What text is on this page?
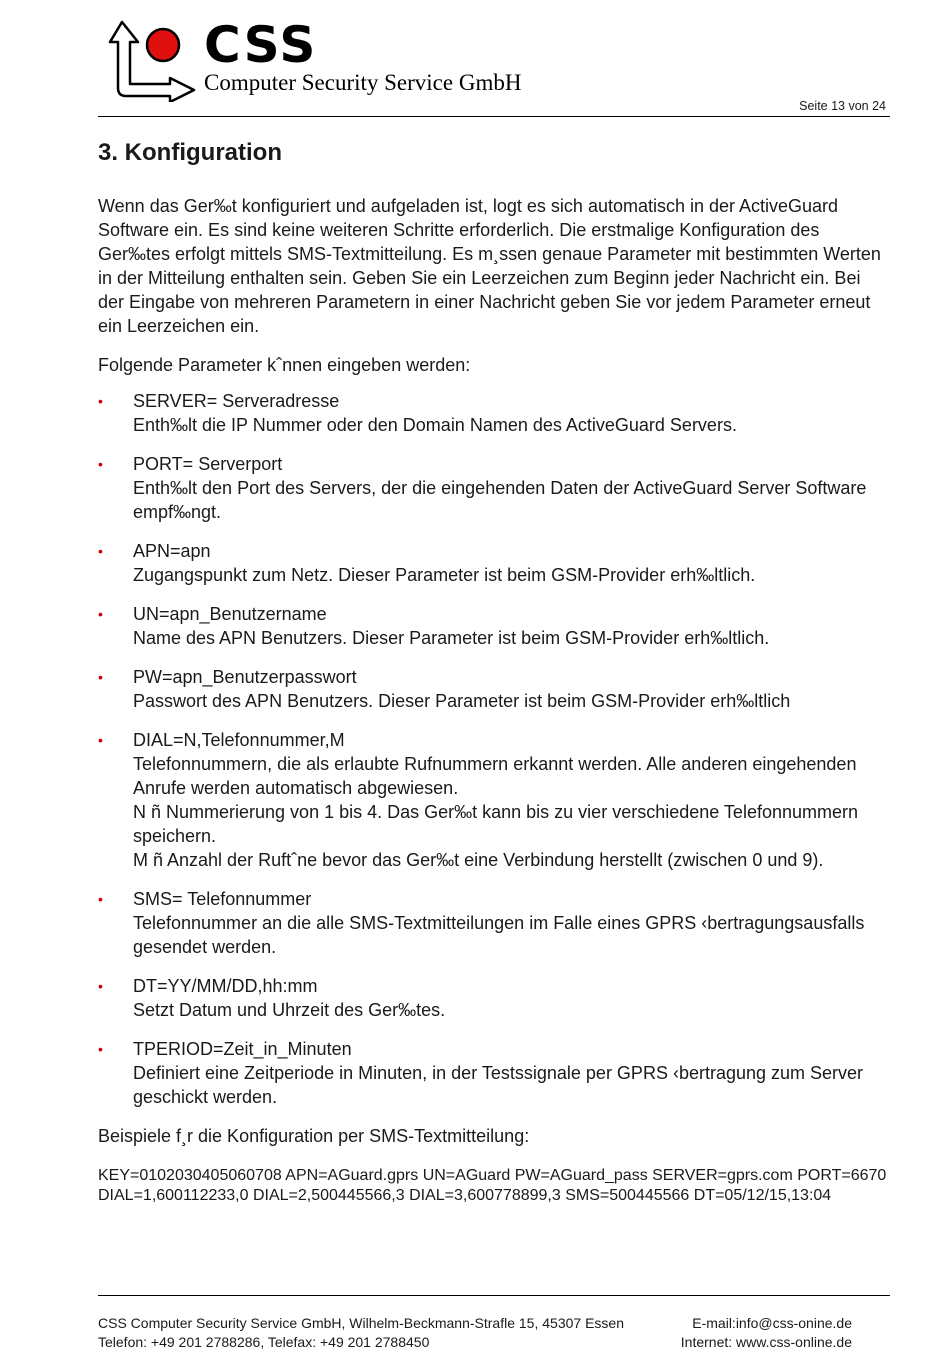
CSS
Computer Security Service GmbH
Seite 13 von 24
3. Konfiguration

Wenn das Ger‰t konfiguriert und aufgeladen ist, logt es sich automatisch in der ActiveGuard Software ein. Es sind keine weiteren Schritte erforderlich. Die erstmalige Konfiguration des Ger‰tes erfolgt mittels SMS-Textmitteilung. Es m¸ssen genaue Parameter mit bestimmten Werten in der Mitteilung enthalten sein. Geben Sie ein Leerzeichen zum Beginn jeder Nachricht ein. Bei der Eingabe von mehreren Parametern in einer Nachricht geben Sie vor jedem Parameter erneut ein Leerzeichen ein.

Folgende Parameter kˆnnen eingeben werden:

• SERVER= Serveradresse
Enth‰lt die IP Nummer oder den Domain Namen des ActiveGuard Servers.
• PORT= Serverport
Enth‰lt den Port des Servers, der die eingehenden Daten der ActiveGuard Server Software empf‰ngt.
• APN=apn
Zugangspunkt zum Netz. Dieser Parameter ist beim GSM-Provider erh‰ltlich.
• UN=apn_Benutzername
Name des APN Benutzers. Dieser Parameter ist beim GSM-Provider erh‰ltlich.
• PW=apn_Benutzerpasswort
Passwort des APN Benutzers. Dieser Parameter ist beim GSM-Provider erh‰ltlich
• DIAL=N,Telefonnummer,M
Telefonnummern, die als erlaubte Rufnummern erkannt werden. Alle anderen eingehenden Anrufe werden automatisch abgewiesen.
N ñ Nummerierung von 1 bis 4. Das Ger‰t kann bis zu vier verschiedene Telefonnummern speichern.
M ñ Anzahl der Ruftˆne bevor das Ger‰t eine Verbindung herstellt (zwischen 0 und 9).
• SMS= Telefonnummer
Telefonnummer an die alle SMS-Textmitteilungen im Falle eines GPRS ‹bertragungsausfalls gesendet werden.
• DT=YY/MM/DD,hh:mm
Setzt Datum und Uhrzeit des Ger‰tes.
• TPERIOD=Zeit_in_Minuten
Definiert eine Zeitperiode in Minuten, in der Testssignale per GPRS ‹bertragung zum Server geschickt werden.

Beispiele f¸r die Konfiguration per SMS-Textmitteilung:

KEY=0102030405060708 APN=AGuard.gprs UN=AGuard PW=AGuard_pass SERVER=gprs.com PORT=6670 DIAL=1,600112233,0 DIAL=2,500445566,3 DIAL=3,600778899,3 SMS=500445566 DT=05/12/15,13:04
CSS Computer Security Service GmbH, Wilhelm-Beckmann-Strafle 15, 45307 Essen
Telefon: +49 201 2788286, Telefax: +49 201 2788450
E-mail:info@css-onine.de
Internet: www.css-online.de
